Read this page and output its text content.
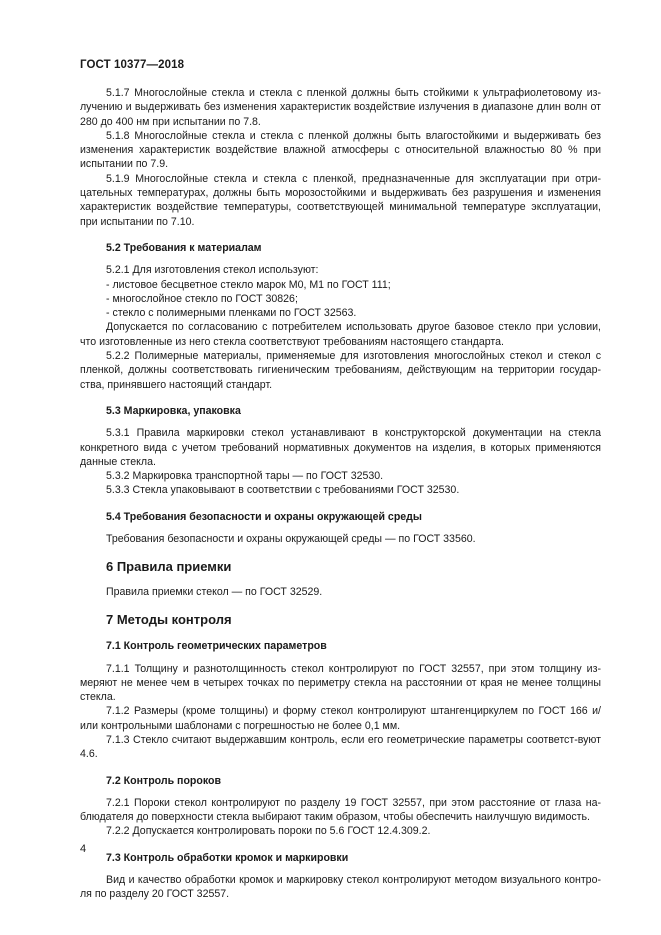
ГОСТ 10377—2018

5.1.7 Многослойные стекла и стекла с пленкой должны быть стойкими к ультрафиолетовому из-лучению и выдерживать без изменения характеристик воздействие излучения в диапазоне длин волн от 280 до 400 нм при испытании по 7.8.

5.1.8 Многослойные стекла и стекла с пленкой должны быть влагостойкими и выдерживать без изменения характеристик воздействие влажной атмосферы с относительной влажностью 80 % при испытании по 7.9.

5.1.9 Многослойные стекла и стекла с пленкой, предназначенные для эксплуатации при отри-цательных температурах, должны быть морозостойкими и выдерживать без разрушения и изменения характеристик воздействие температуры, соответствующей минимальной температуре эксплуатации, при испытании по 7.10.

5.2 Требования к материалам

5.2.1 Для изготовления стекол используют:

- листовое бесцветное стекло марок М0, М1 по ГОСТ 111;

- многослойное стекло по ГОСТ 30826;

- стекло с полимерными пленками по ГОСТ 32563.

Допускается по согласованию с потребителем использовать другое базовое стекло при условии, что изготовленные из него стекла соответствуют требованиям настоящего стандарта.

5.2.2 Полимерные материалы, применяемые для изготовления многослойных стекол и стекол с пленкой, должны соответствовать гигиеническим требованиям, действующим на территории государ-ства, принявшего настоящий стандарт.

5.3 Маркировка, упаковка

5.3.1 Правила маркировки стекол устанавливают в конструкторской документации на стекла конкретного вида с учетом требований нормативных документов на изделия, в которых применяются данные стекла.

5.3.2 Маркировка транспортной тары — по ГОСТ 32530.

5.3.3 Стекла упаковывают в соответствии с требованиями ГОСТ 32530.

5.4 Требования безопасности и охраны окружающей среды

Требования безопасности и охраны окружающей среды — по ГОСТ 33560.

6 Правила приемки

Правила приемки стекол — по ГОСТ 32529.

7 Методы контроля
7.1 Контроль геометрических параметров

7.1.1 Толщину и разнотолщинность стекол контролируют по ГОСТ 32557, при этом толщину из-меряют не менее чем в четырех точках по периметру стекла на расстоянии от края не менее толщины стекла.

7.1.2 Размеры (кроме толщины) и форму стекол контролируют штангенциркулем по ГОСТ 166 и/или контрольными шаблонами с погрешностью не более 0,1 мм.

7.1.3 Стекло считают выдержавшим контроль, если его геометрические параметры соответст-вуют 4.6.

7.2 Контроль пороков

7.2.1 Пороки стекол контролируют по разделу 19 ГОСТ 32557, при этом расстояние от глаза на-блюдателя до поверхности стекла выбирают таким образом, чтобы обеспечить наилучшую видимость.

7.2.2 Допускается контролировать пороки по 5.6 ГОСТ 12.4.309.2.

7.3 Контроль обработки кромок и маркировки

Вид и качество обработки кромок и маркировку стекол контролируют методом визуального контро-ля по разделу 20 ГОСТ 32557.

4
